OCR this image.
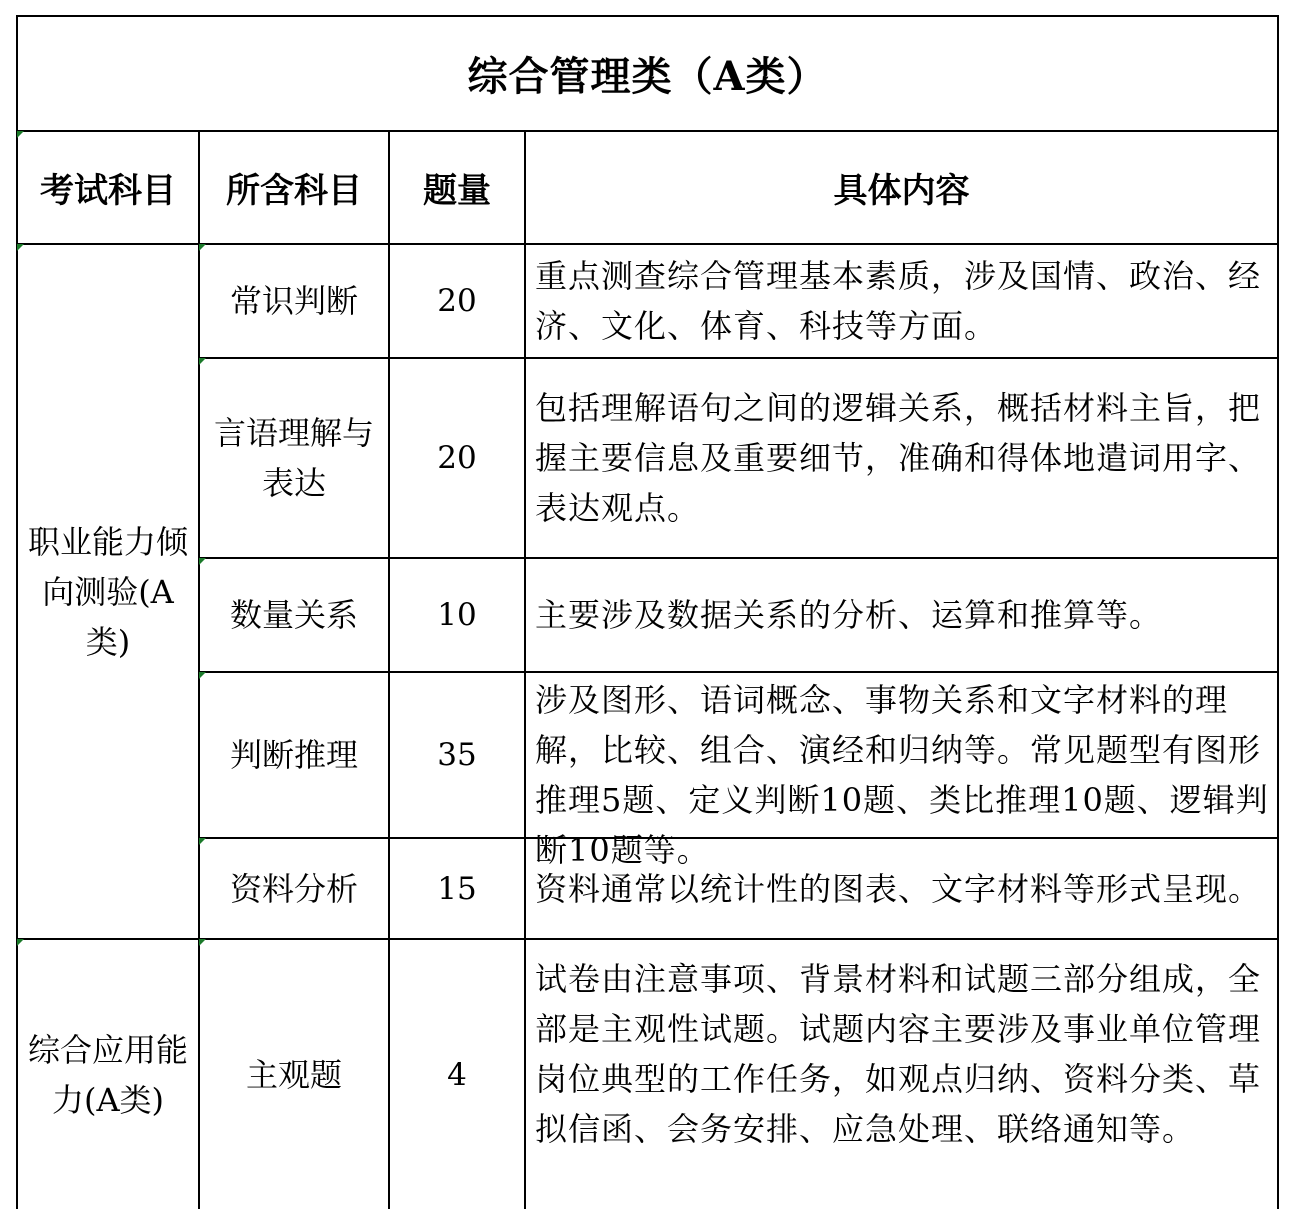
综合管理类（A类）			
考试科目	所含科目	题量	具体内容
职业能力倾向测验(A类)	常识判断	20	重点测查综合管理基本素质，涉及国情、政治、经济、文化、体育、科技等方面。
	言语理解与表达	20	包括理解语句之间的逻辑关系，概括材料主旨，把握主要信息及重要细节，准确和得体地遣词用字、表达观点。
	数量关系	10	主要涉及数据关系的分析、运算和推算等。
	判断推理	35	涉及图形、语词概念、事物关系和文字材料的理解，比较、组合、演经和归纳等。常见题型有图形推理5题、定义判断10题、类比推理10题、逻辑判断10题等。

	资料分析	15	资料通常以统计性的图表、文字材料等形式呈现。
综合应用能力(A类)	主观题	4	试卷由注意事项、背景材料和试题三部分组成，全部是主观性试题。试题内容主要涉及事业单位管理岗位典型的工作任务，如观点归纳、资料分类、草拟信函、会务安排、应急处理、联络通知等。
